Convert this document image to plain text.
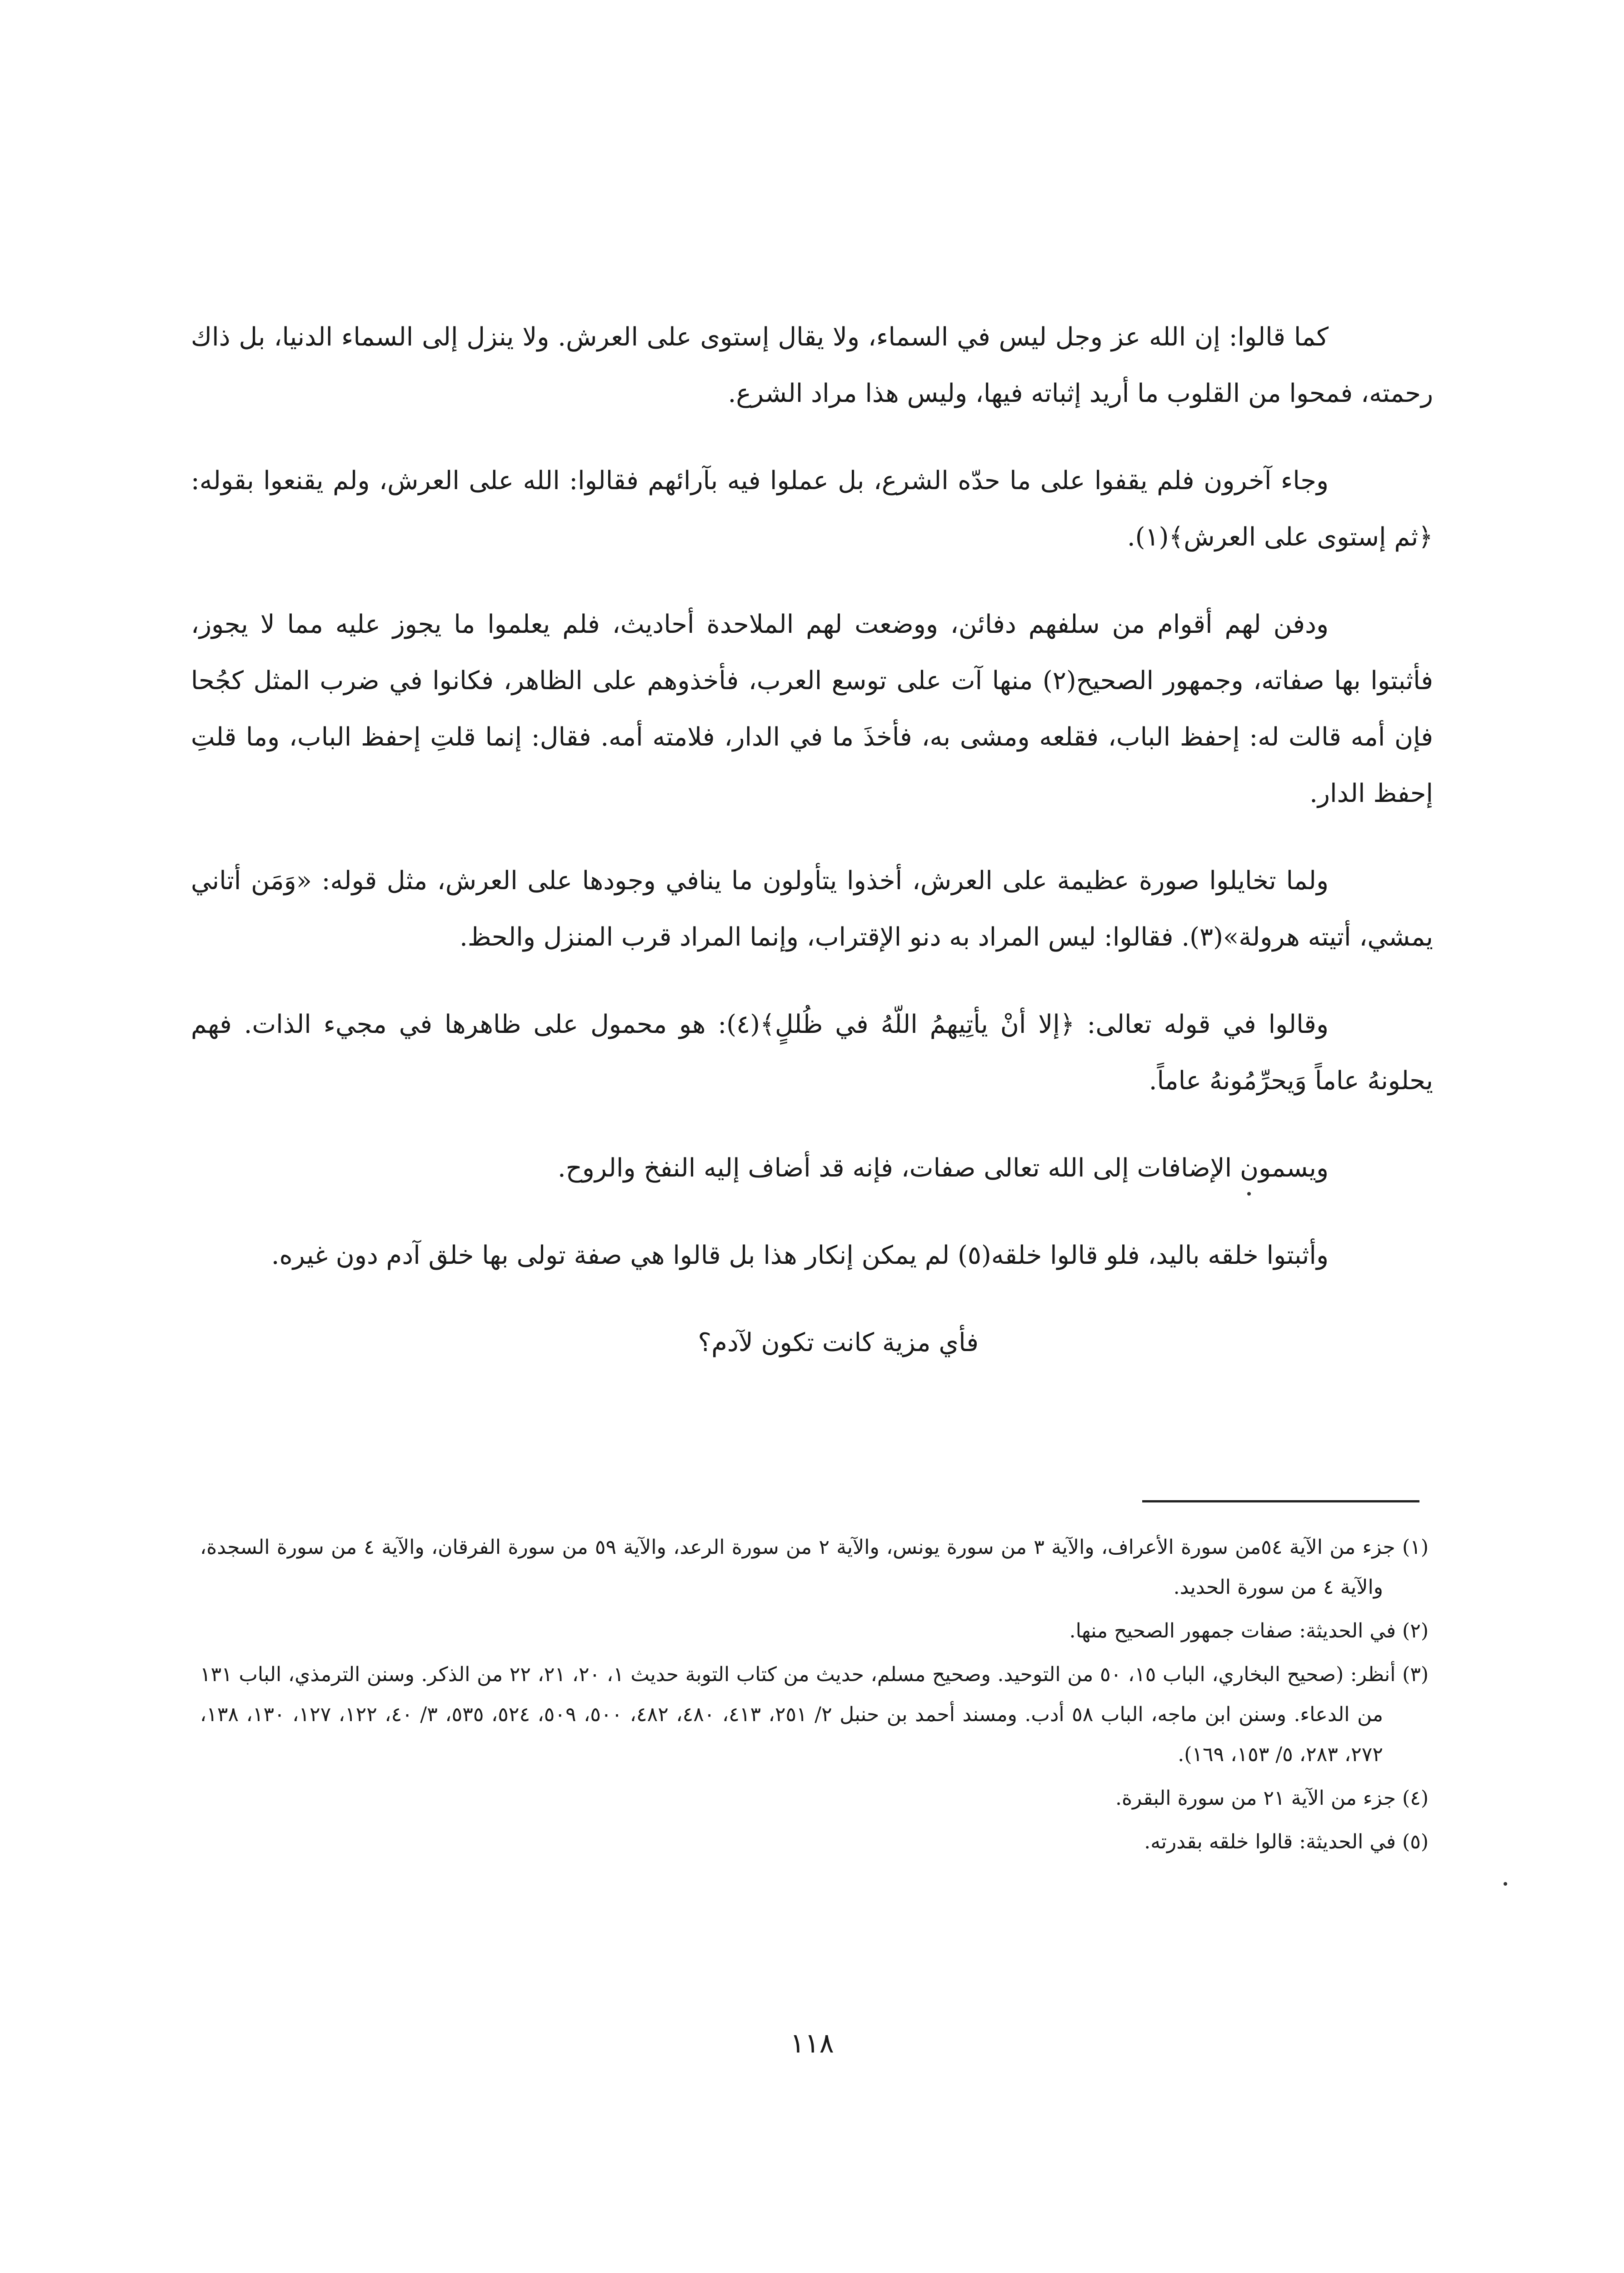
كما قالوا: إن الله عز وجل ليس في السماء، ولا يقال إستوى على العرش. ولا ينزل إلى السماء الدنيا، بل ذاك رحمته، فمحوا من القلوب ما أريد إثباته فيها، وليس هذا مراد الشرع.

وجاء آخرون فلم يقفوا على ما حدّه الشرع، بل عملوا فيه بآرائهم فقالوا: الله على العرش، ولم يقنعوا بقوله: ﴿ثم إستوى على العرش﴾(١).

ودفن لهم أقوام من سلفهم دفائن، ووضعت لهم الملاحدة أحاديث، فلم يعلموا ما يجوز عليه مما لا يجوز، فأثبتوا بها صفاته، وجمهور الصحيح(٢) منها آت على توسع العرب، فأخذوهم على الظاهر، فكانوا في ضرب المثل كجُحا فإن أمه قالت له: إحفظ الباب، فقلعه ومشى به، فأخذَ ما في الدار، فلامته أمه. فقال: إنما قلتِ إحفظ الباب، وما قلتِ إحفظ الدار.

ولما تخايلوا صورة عظيمة على العرش، أخذوا يتأولون ما ينافي وجودها على العرش، مثل قوله: «وَمَن أتاني يمشي، أتيته هرولة»(٣). فقالوا: ليس المراد به دنو الإقتراب، وإنما المراد قرب المنزل والحظ.

وقالوا في قوله تعالى: ﴿إلا أنْ يأتِيهمُ اللّهُ في ظُللٍ﴾(٤): هو محمول على ظاهرها في مجيء الذات. فهم يحلونهُ عاماً وَيحرِّمُونهُ عاماً.

ويسمون الإضافات إلى الله تعالى صفات، فإنه قد أضاف إليه النفخ والروح.

وأثبتوا خلقه باليد، فلو قالوا خلقه(٥) لم يمكن إنكار هذا بل قالوا هي صفة تولى بها خلق آدم دون غيره.

فأي مزية كانت تكون لآدم؟

(١) جزء من الآية ٥٤من سورة الأعراف، والآية ٣ من سورة يونس، والآية ٢ من سورة الرعد، والآية ٥٩ من سورة الفرقان، والآية ٤ من سورة السجدة، والآية ٤ من سورة الحديد.

(٢) في الحديثة: صفات جمهور الصحيح منها.

(٣) أنظر: (صحيح البخاري، الباب ١٥، ٥٠ من التوحيد. وصحيح مسلم، حديث من كتاب التوبة حديث ١، ٢٠، ٢١، ٢٢ من الذكر. وسنن الترمذي، الباب ١٣١ من الدعاء. وسنن ابن ماجه، الباب ٥٨ أدب. ومسند أحمد بن حنبل ٢/ ٢٥١، ٤١٣، ٤٨٠، ٤٨٢، ٥٠٠، ٥٠٩، ٥٢٤، ٥٣٥، ٣/ ٤٠، ١٢٢، ١٢٧، ١٣٠، ١٣٨، ٢٧٢، ٢٨٣، ٥/ ١٥٣، ١٦٩).

(٤) جزء من الآية ٢١ من سورة البقرة.

(٥) في الحديثة: قالوا خلقه بقدرته.

١١٨
